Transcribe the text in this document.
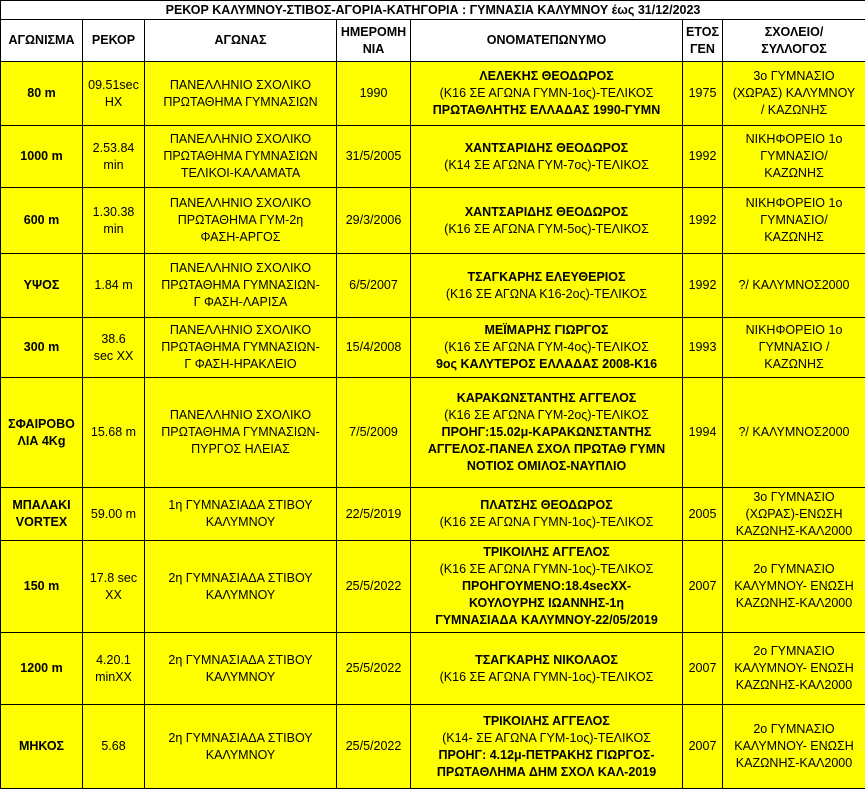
ΡΕΚΟΡ ΚΑΛΥΜΝΟΥ-ΣΤΙΒΟΣ-ΑΓΟΡΙΑ-ΚΑΤΗΓΟΡΙΑ : ΓΥΜΝΑΣΙΑ ΚΑΛΥΜΝΟΥ έως 31/12/2023						
ΑΓΩΝΙΣΜΑ	ΡΕΚΟΡ	ΑΓΩΝΑΣ	ΗΜΕΡΟΜΗ
ΝΙΑ	ΟΝΟΜΑΤΕΠΩΝΥΜΟ	ΕΤΟΣ
ΓΕΝ	ΣΧΟΛΕΙΟ/
ΣΥΛΛΟΓΟΣ

80 m	09.51sec
HX	ΠΑΝΕΛΛΗΝΙΟ ΣΧΟΛΙΚΟ
ΠΡΩΤΑΘΗΜΑ ΓΥΜΝΑΣΙΩΝ	1990	ΛΕΛΕΚΗΣ ΘΕΟΔΩΡΟΣ
(Κ16 ΣΕ ΑΓΩΝΑ ΓΥΜΝ-1ος)-ΤΕΛΙΚΟΣ
ΠΡΩΤΑΘΛΗΤΗΣ ΕΛΛΑΔΑΣ 1990-ΓΥΜΝ	1975	3ο ΓΥΜΝΑΣΙΟ
(ΧΩΡΑΣ) ΚΑΛΥΜΝΟΥ
/ ΚΑΖΩΝΗΣ

1000 m	2.53.84
min	ΠΑΝΕΛΛΗΝΙΟ ΣΧΟΛΙΚΟ
ΠΡΩΤΑΘΗΜΑ ΓΥΜΝΑΣΙΩΝ
ΤΕΛΙΚΟΙ-ΚΑΛΑΜΑΤΑ	31/5/2005	ΧΑΝΤΣΑΡΙΔΗΣ ΘΕΟΔΩΡΟΣ
(Κ14 ΣΕ ΑΓΩΝΑ ΓΥΜ-7ος)-ΤΕΛΙΚΟΣ	1992	ΝΙΚΗΦΟΡΕΙΟ 1ο
ΓΥΜΝΑΣΙΟ/
ΚΑΖΩΝΗΣ

600 m	1.30.38
min	ΠΑΝΕΛΛΗΝΙΟ ΣΧΟΛΙΚΟ
ΠΡΩΤΑΘΗΜΑ ΓΥΜ-2η
ΦΑΣΗ-ΑΡΓΟΣ	29/3/2006	ΧΑΝΤΣΑΡΙΔΗΣ ΘΕΟΔΩΡΟΣ
(Κ16 ΣΕ ΑΓΩΝΑ ΓΥΜ-5ος)-ΤΕΛΙΚΟΣ	1992	ΝΙΚΗΦΟΡΕΙΟ 1ο
ΓΥΜΝΑΣΙΟ/
ΚΑΖΩΝΗΣ

ΥΨΟΣ	1.84 m	ΠΑΝΕΛΛΗΝΙΟ ΣΧΟΛΙΚΟ
ΠΡΩΤΑΘΗΜΑ ΓΥΜΝΑΣΙΩΝ-
Γ ΦΑΣΗ-ΛΑΡΙΣΑ	6/5/2007	ΤΣΑΓΚΑΡΗΣ ΕΛΕΥΘΕΡΙΟΣ
(Κ16 ΣΕ ΑΓΩΝΑ Κ16-2ος)-ΤΕΛΙΚΟΣ	1992	?/ ΚΑΛΥΜΝΟΣ2000

300 m	38.6
sec XX	ΠΑΝΕΛΛΗΝΙΟ ΣΧΟΛΙΚΟ
ΠΡΩΤΑΘΗΜΑ ΓΥΜΝΑΣΙΩΝ-
Γ ΦΑΣΗ-ΗΡΑΚΛΕΙΟ	15/4/2008	ΜΕΪΜΑΡΗΣ ΓΙΩΡΓΟΣ
(Κ16 ΣΕ ΑΓΩΝΑ ΓΥΜ-4ος)-ΤΕΛΙΚΟΣ
9ος ΚΑΛΥΤΕΡΟΣ ΕΛΛΑΔΑΣ 2008-Κ16	1993	ΝΙΚΗΦΟΡΕΙΟ 1ο
ΓΥΜΝΑΣΙΟ /
ΚΑΖΩΝΗΣ

ΣΦΑΙΡΟΒΟ
ΛΙΑ 4Kg	15.68 m	ΠΑΝΕΛΛΗΝΙΟ ΣΧΟΛΙΚΟ
ΠΡΩΤΑΘΗΜΑ ΓΥΜΝΑΣΙΩΝ-
ΠΥΡΓΟΣ ΗΛΕΙΑΣ	7/5/2009	ΚΑΡΑΚΩΝΣΤΑΝΤΗΣ ΑΓΓΕΛΟΣ
(Κ16 ΣΕ ΑΓΩΝΑ ΓΥΜ-2ος)-ΤΕΛΙΚΟΣ
ΠΡΟΗΓ:15.02μ-ΚΑΡΑΚΩΝΣΤΑΝΤΗΣ
ΑΓΓΕΛΟΣ-ΠΑΝΕΛ ΣΧΟΛ ΠΡΩΤΑΘ ΓΥΜΝ
ΝΟΤΙΟΣ ΟΜΙΛΟΣ-ΝΑΥΠΛΙΟ	1994	?/ ΚΑΛΥΜΝΟΣ2000

ΜΠΑΛΑΚΙ
VORTEX	59.00 m	1η ΓΥΜΝΑΣΙΑΔΑ ΣΤΙΒΟΥ
ΚΑΛΥΜΝΟΥ	22/5/2019	ΠΛΑΤΣΗΣ ΘΕΟΔΩΡΟΣ
(Κ16 ΣΕ ΑΓΩΝΑ ΓΥΜΝ-1ος)-ΤΕΛΙΚΟΣ	2005	3ο ΓΥΜΝΑΣΙΟ
(ΧΩΡΑΣ)-ΕΝΩΣΗ
ΚΑΖΩΝΗΣ-ΚΑΛ2000

150 m	17.8 sec
XX	2η ΓΥΜΝΑΣΙΑΔΑ ΣΤΙΒΟΥ
ΚΑΛΥΜΝΟΥ	25/5/2022	ΤΡΙΚΟΙΛΗΣ ΑΓΓΕΛΟΣ
(Κ16 ΣΕ ΑΓΩΝΑ ΓΥΜΝ-1ος)-ΤΕΛΙΚΟΣ
ΠΡΟΗΓΟΥΜΕΝΟ:18.4secXX-
ΚΟΥΛΟΥΡΗΣ ΙΩΑΝΝΗΣ-1η
ΓΥΜΝΑΣΙΑΔΑ ΚΑΛΥΜΝΟΥ-22/05/2019	2007	2ο ΓΥΜΝΑΣΙΟ
ΚΑΛΥΜΝΟΥ- ΕΝΩΣΗ
ΚΑΖΩΝΗΣ-ΚΑΛ2000

1200 m	4.20.1
minXX	2η ΓΥΜΝΑΣΙΑΔΑ ΣΤΙΒΟΥ
ΚΑΛΥΜΝΟΥ	25/5/2022	ΤΣΑΓΚΑΡΗΣ ΝΙΚΟΛΑΟΣ
(Κ16 ΣΕ ΑΓΩΝΑ ΓΥΜΝ-1ος)-ΤΕΛΙΚΟΣ	2007	2ο ΓΥΜΝΑΣΙΟ
ΚΑΛΥΜΝΟΥ- ΕΝΩΣΗ
ΚΑΖΩΝΗΣ-ΚΑΛ2000

ΜΗΚΟΣ	5.68	2η ΓΥΜΝΑΣΙΑΔΑ ΣΤΙΒΟΥ
ΚΑΛΥΜΝΟΥ	25/5/2022	ΤΡΙΚΟΙΛΗΣ ΑΓΓΕΛΟΣ
(Κ14- ΣΕ ΑΓΩΝΑ ΓΥΜ-1ος)-ΤΕΛΙΚΟΣ
ΠΡΟΗΓ: 4.12μ-ΠΕΤΡΑΚΗΣ ΓΙΩΡΓΟΣ-
ΠΡΩΤΑΘΛΗΜΑ ΔΗΜ ΣΧΟΛ ΚΑΛ-2019	2007	2ο ΓΥΜΝΑΣΙΟ
ΚΑΛΥΜΝΟΥ- ΕΝΩΣΗ
ΚΑΖΩΝΗΣ-ΚΑΛ2000
